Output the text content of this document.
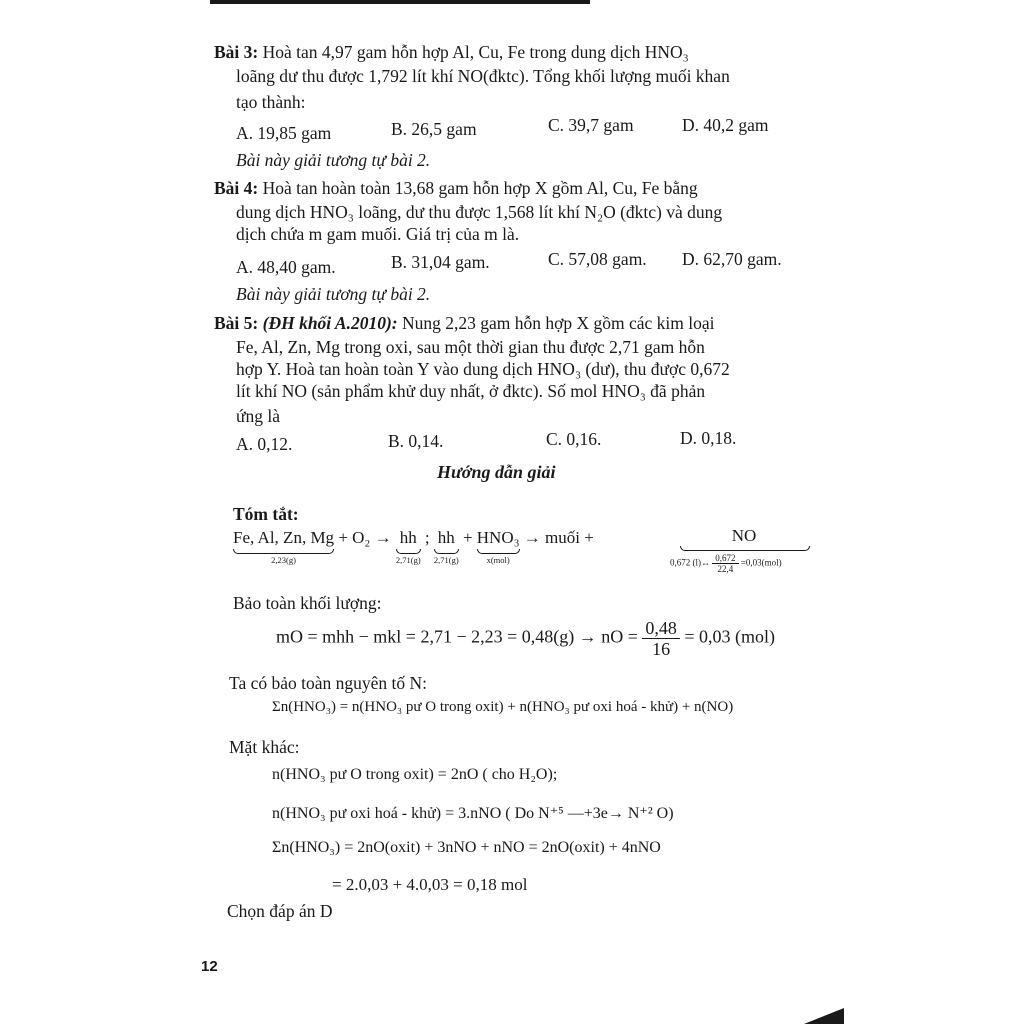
Bài 3: Hoà tan 4,97 gam hỗn hợp Al, Cu, Fe trong dung dịch HNO₃
loãng dư thu được 1,792 lít khí NO(đktc). Tổng khối lượng muối khan
tạo thành:
A. 19,85 gam	B. 26,5 gam	C. 39,7 gam	D. 40,2 gam
Bài này giải tương tự bài 2.
Bài 4: Hoà tan hoàn toàn 13,68 gam hỗn hợp X gồm Al, Cu, Fe bằng
dung dịch HNO₃ loãng, dư thu được 1,568 lít khí N₂O (đktc) và dung
dịch chứa m gam muối. Giá trị của m là.
A. 48,40 gam.	B. 31,04 gam.	C. 57,08 gam. D. 62,70 gam.
Bài này giải tương tự bài 2.
Bài 5: (ĐH khối A.2010): Nung 2,23 gam hỗn hợp X gồm các kim loại
Fe, Al, Zn, Mg trong oxi, sau một thời gian thu được 2,71 gam hỗn
hợp Y. Hoà tan hoàn toàn Y vào dung dịch HNO₃ (dư), thu được 0,672
lít khí NO (sản phẩm khử duy nhất, ở đktc). Số mol HNO₃ đã phản
ứng là
A. 0,12.	B. 0,14.	C. 0,16.	D. 0,18.
Hướng dẫn giải
Tóm tắt:
Fe, Al, Zn, Mg
2,23(g)
+ O₂ → hh
2,71(g)
; hh
2,71(g)
+ HNO₃
x(mol)
→ muối +	NO
0,672 (l)↔ $\frac{0,672}{22,4} =0,03(mol)$
Bảo toàn khối lượng:
mO = mhh − mkl = 2,71 − 2,23 = 0,48(g) → nO = $\frac{0,48}{16} = 0,03$ (mol)
Ta có bảo toàn nguyên tố N:
Σn(HNO₃) = n(HNO₃ pư O trong oxit) + n(HNO₃ pư oxi hoá - khử) + n(NO)
Mặt khác:
n(HNO₃ pư O trong oxit) = 2nO ( cho H₂O);
n(HNO₃ pư oxi hoá - khử) = 3.nNO ( Do N⁺⁵ —+3e→ N⁺² O)
Σn(HNO₃) = 2nO(oxit) + 3nNO + nNO = 2nO(oxit) + 4nNO
= 2.0,03 + 4.0,03 = 0,18 mol
Chọn đáp án D
12
